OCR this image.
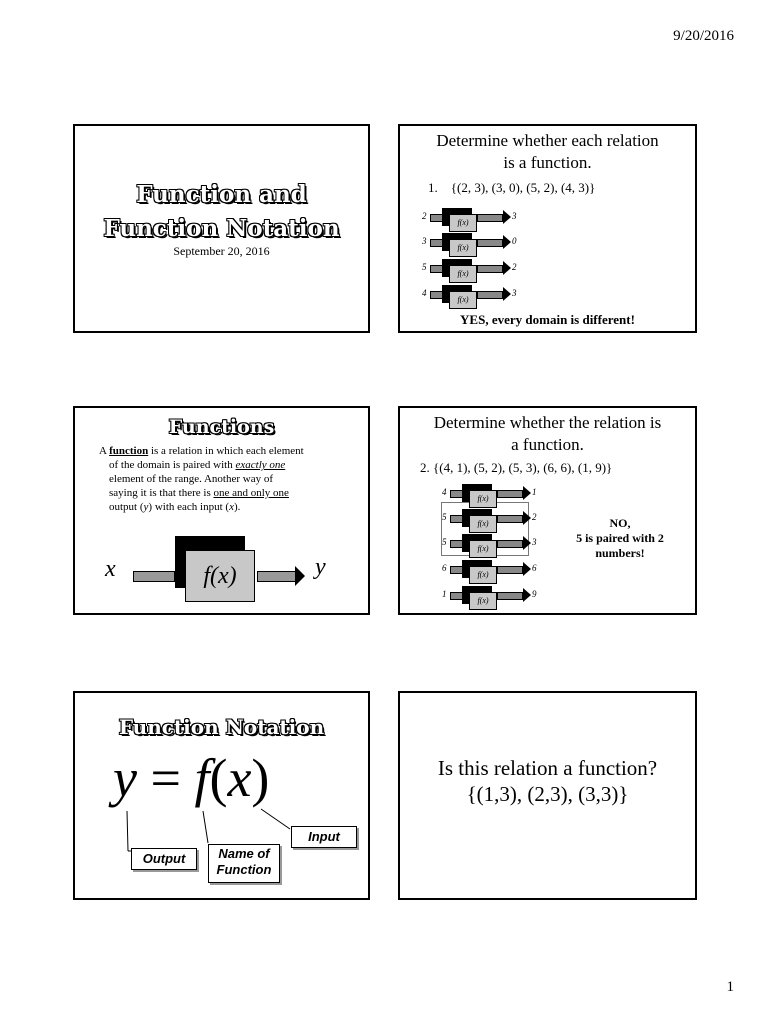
9/20/2016
Function and
Function Notation
September 20, 2016
Determine whether each relation
is a function.
1.    {(2, 3), (3, 0), (5, 2), (4, 3)}
2
f(x)
3
3
f(x)
0
5
f(x)
2
4
f(x)
3
YES, every domain is different!
Functions
A function is a relation in which each element
of the domain is paired with exactly one
element of the range. Another way of
saying it is that there is one and only one
output (y) with each input (x).
x	f(x)	y
Determine whether the relation is
a function.
2. {(4, 1), (5, 2), (5, 3), (6, 6), (1, 9)}
4
f(x)
1
5
f(x)
2
5
f(x)
3
6
f(x)
6
1
f(x)
9
NO,
5 is paired with 2
numbers!
Function Notation
y = f(x)
Input
Output	Name of
Function
Is this relation a function?
{(1,3), (2,3), (3,3)}
1
